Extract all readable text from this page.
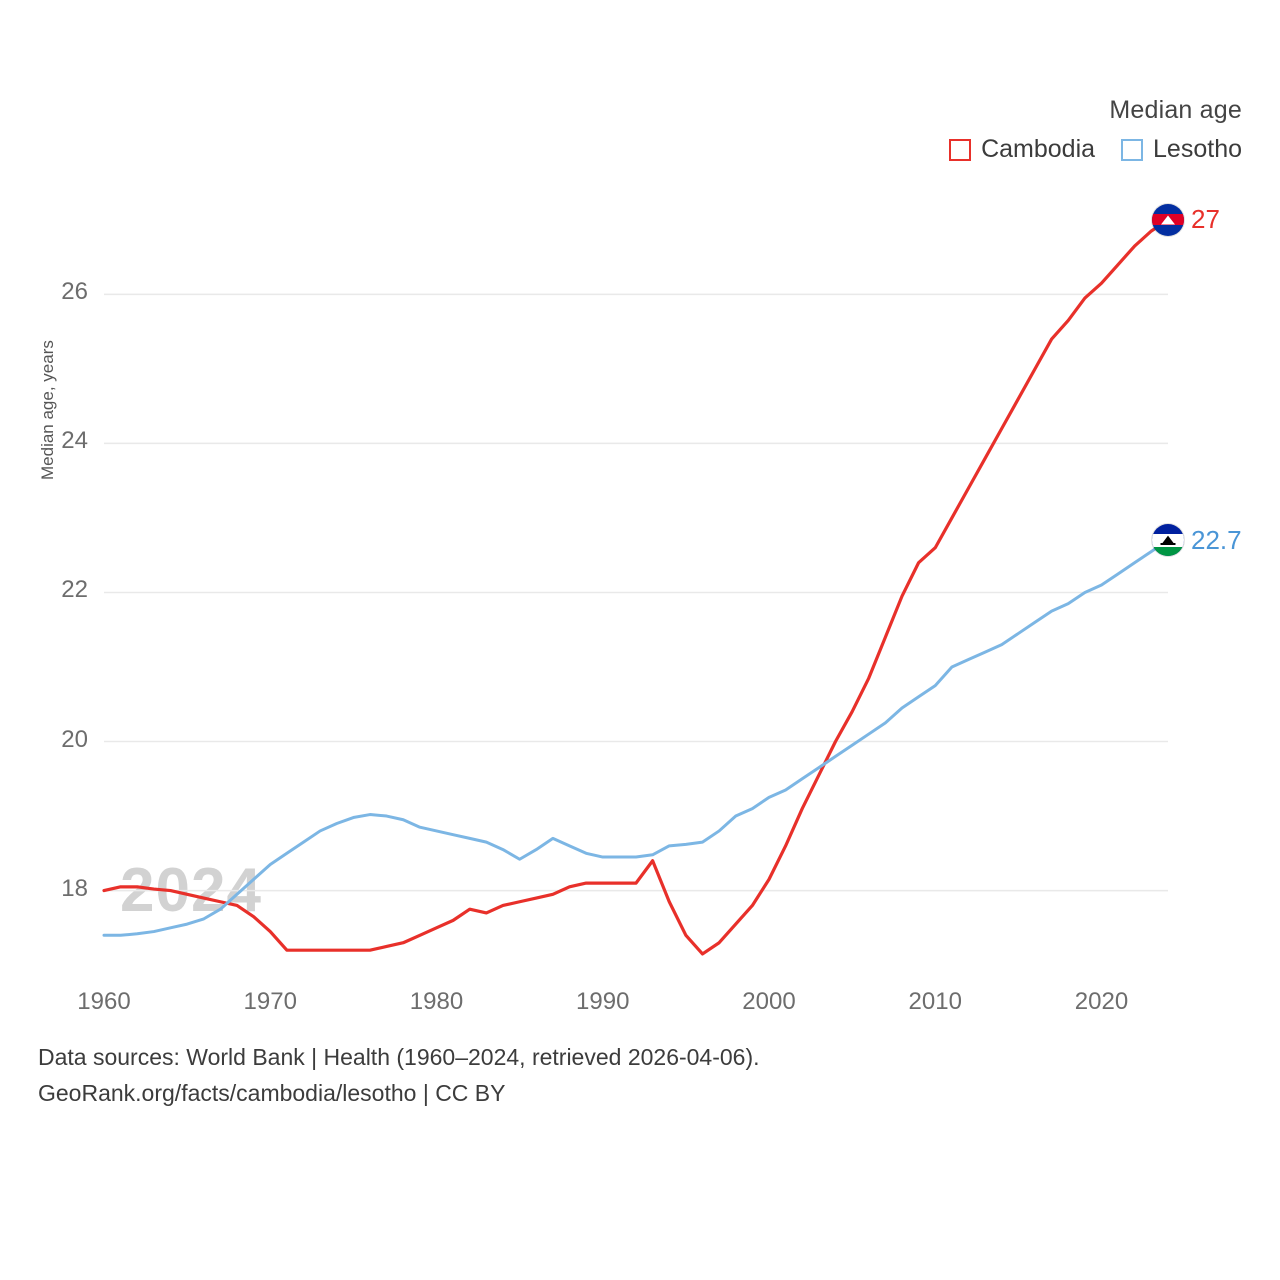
Median age
Cambodia Lesotho
Median age, years
2024
18
20
22
24
26
1960	1970	1980	1990	2000	2010	2020
27
22.7
Data sources: World Bank | Health (1960–2024, retrieved 2026-04-06).
GeoRank.org/facts/cambodia/lesotho | CC BY
